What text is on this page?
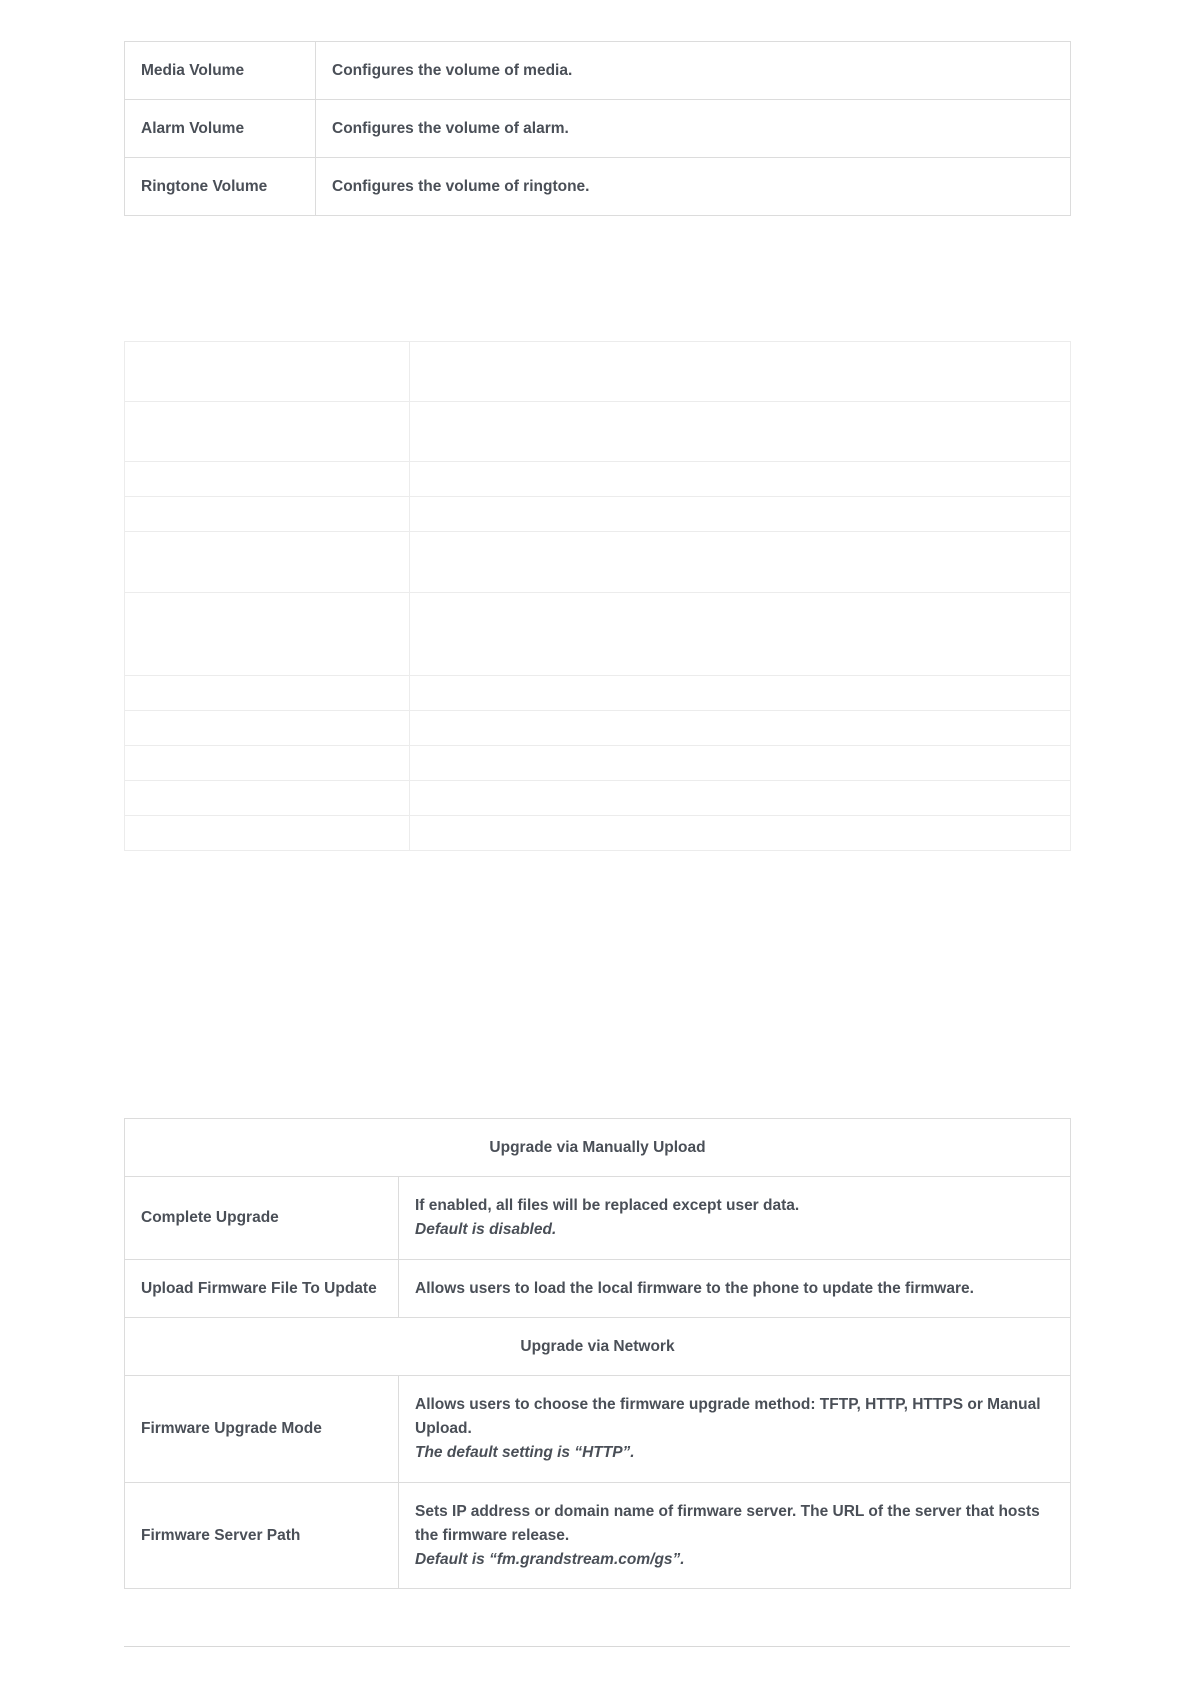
Media Volume	Configures the volume of media.
Alarm Volume	Configures the volume of alarm.
Ringtone Volume	Configures the volume of ringtone.

Upgrade via Manually Upload	
Complete Upgrade	If enabled, all files will be replaced except user data.
Default is disabled.

Upload Firmware File To Update	Allows users to load the local firmware to the phone to update the firmware.
Upgrade via Network	
Firmware Upgrade Mode	Allows users to choose the firmware upgrade method: TFTP, HTTP, HTTPS or Manual Upload.
The default setting is “HTTP”.

Firmware Server Path	Sets IP address or domain name of firmware server. The URL of the server that hosts the firmware release.
Default is “fm.grandstream.com/gs”.
